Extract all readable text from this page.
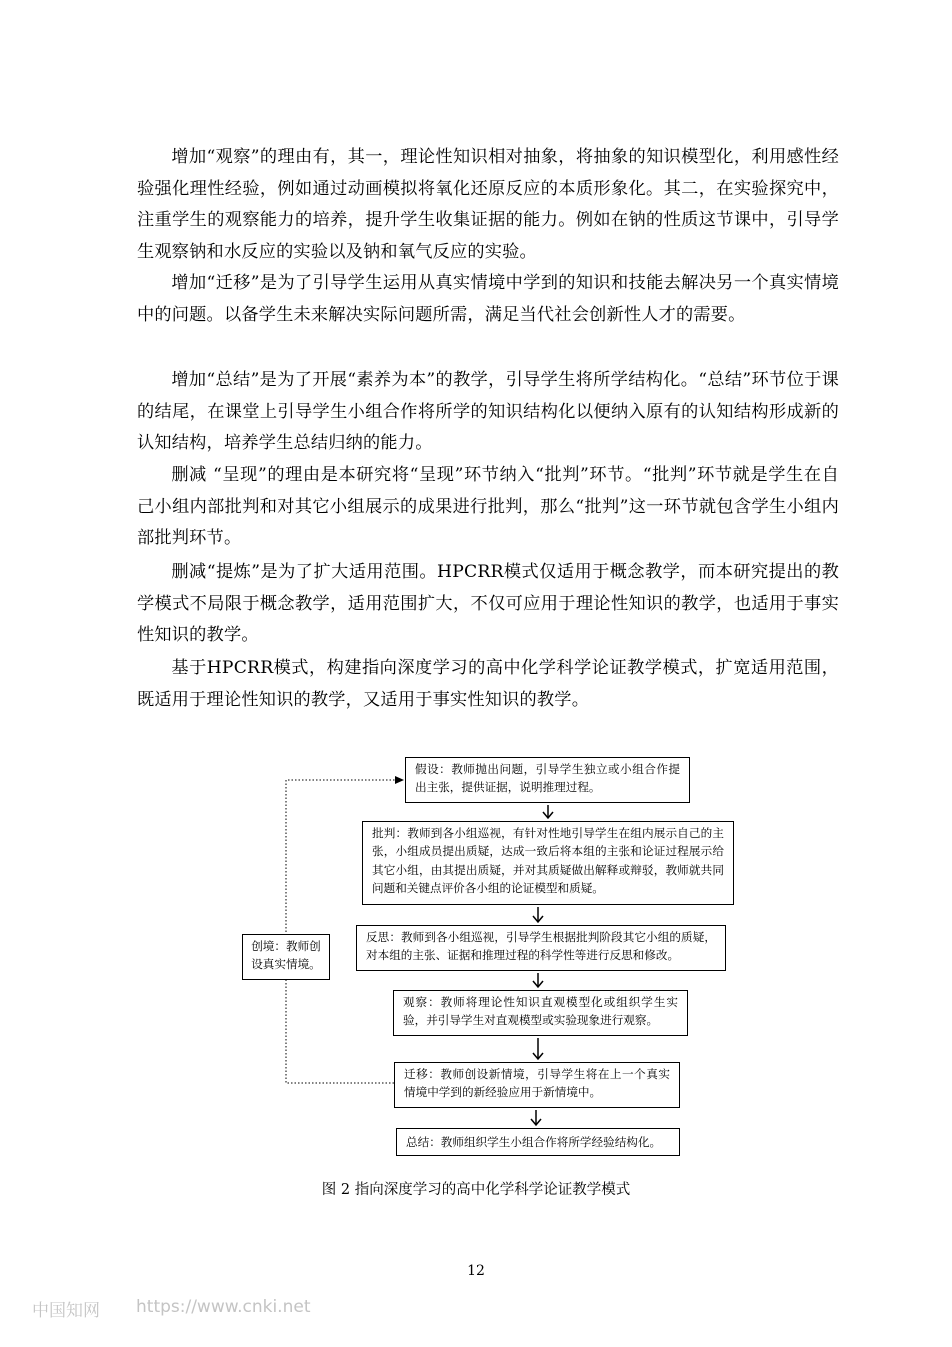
增加“观察”的理由有，其一，理论性知识相对抽象，将抽象的知识模型化，利用感性经验强化理性经验，例如通过动画模拟将氧化还原反应的本质形象化。其二，在实验探究中，注重学生的观察能力的培养，提升学生收集证据的能力。例如在钠的性质这节课中，引导学生观察钠和水反应的实验以及钠和氧气反应的实验。

增加“迁移”是为了引导学生运用从真实情境中学到的知识和技能去解决另一个真实情境中的问题。以备学生未来解决实际问题所需，满足当代社会创新性人才的需要。

增加“总结”是为了开展“素养为本”的教学，引导学生将所学结构化。“总结”环节位于课的结尾，在课堂上引导学生小组合作将所学的知识结构化以便纳入原有的认知结构形成新的认知结构，培养学生总结归纳的能力。

删减 “呈现”的理由是本研究将“呈现”环节纳入“批判”环节。“批判”环节就是学生在自己小组内部批判和对其它小组展示的成果进行批判，那么“批判”这一环节就包含学生小组内部批判环节。

删减“提炼”是为了扩大适用范围。HPCRR模式仅适用于概念教学，而本研究提出的教学模式不局限于概念教学，适用范围扩大，不仅可应用于理论性知识的教学，也适用于事实性知识的教学。

基于HPCRR模式，构建指向深度学习的高中化学科学论证教学模式，扩宽适用范围，既适用于理论性知识的教学，又适用于事实性知识的教学。

假设：教师抛出问题，引导学生独立或小组合作提出主张，提供证据，说明推理过程。
批判：教师到各小组巡视，有针对性地引导学生在组内展示自己的主张，小组成员提出质疑，达成一致后将本组的主张和论证过程展示给其它小组，由其提出质疑，并对其质疑做出解释或辩驳，教师就共同问题和关键点评价各小组的论证模型和质疑。
反思：教师到各小组巡视，引导学生根据批判阶段其它小组的质疑，对本组的主张、证据和推理过程的科学性等进行反思和修改。
观察：教师将理论性知识直观模型化或组织学生实验，并引导学生对直观模型或实验现象进行观察。
迁移：教师创设新情境，引导学生将在上一个真实情境中学到的新经验应用于新情境中。
总结：教师组织学生小组合作将所学经验结构化。
创境：教师创设真实情境。

图 2 指向深度学习的高中化学科学论证教学模式

12

中国知网 https://www.cnki.net
